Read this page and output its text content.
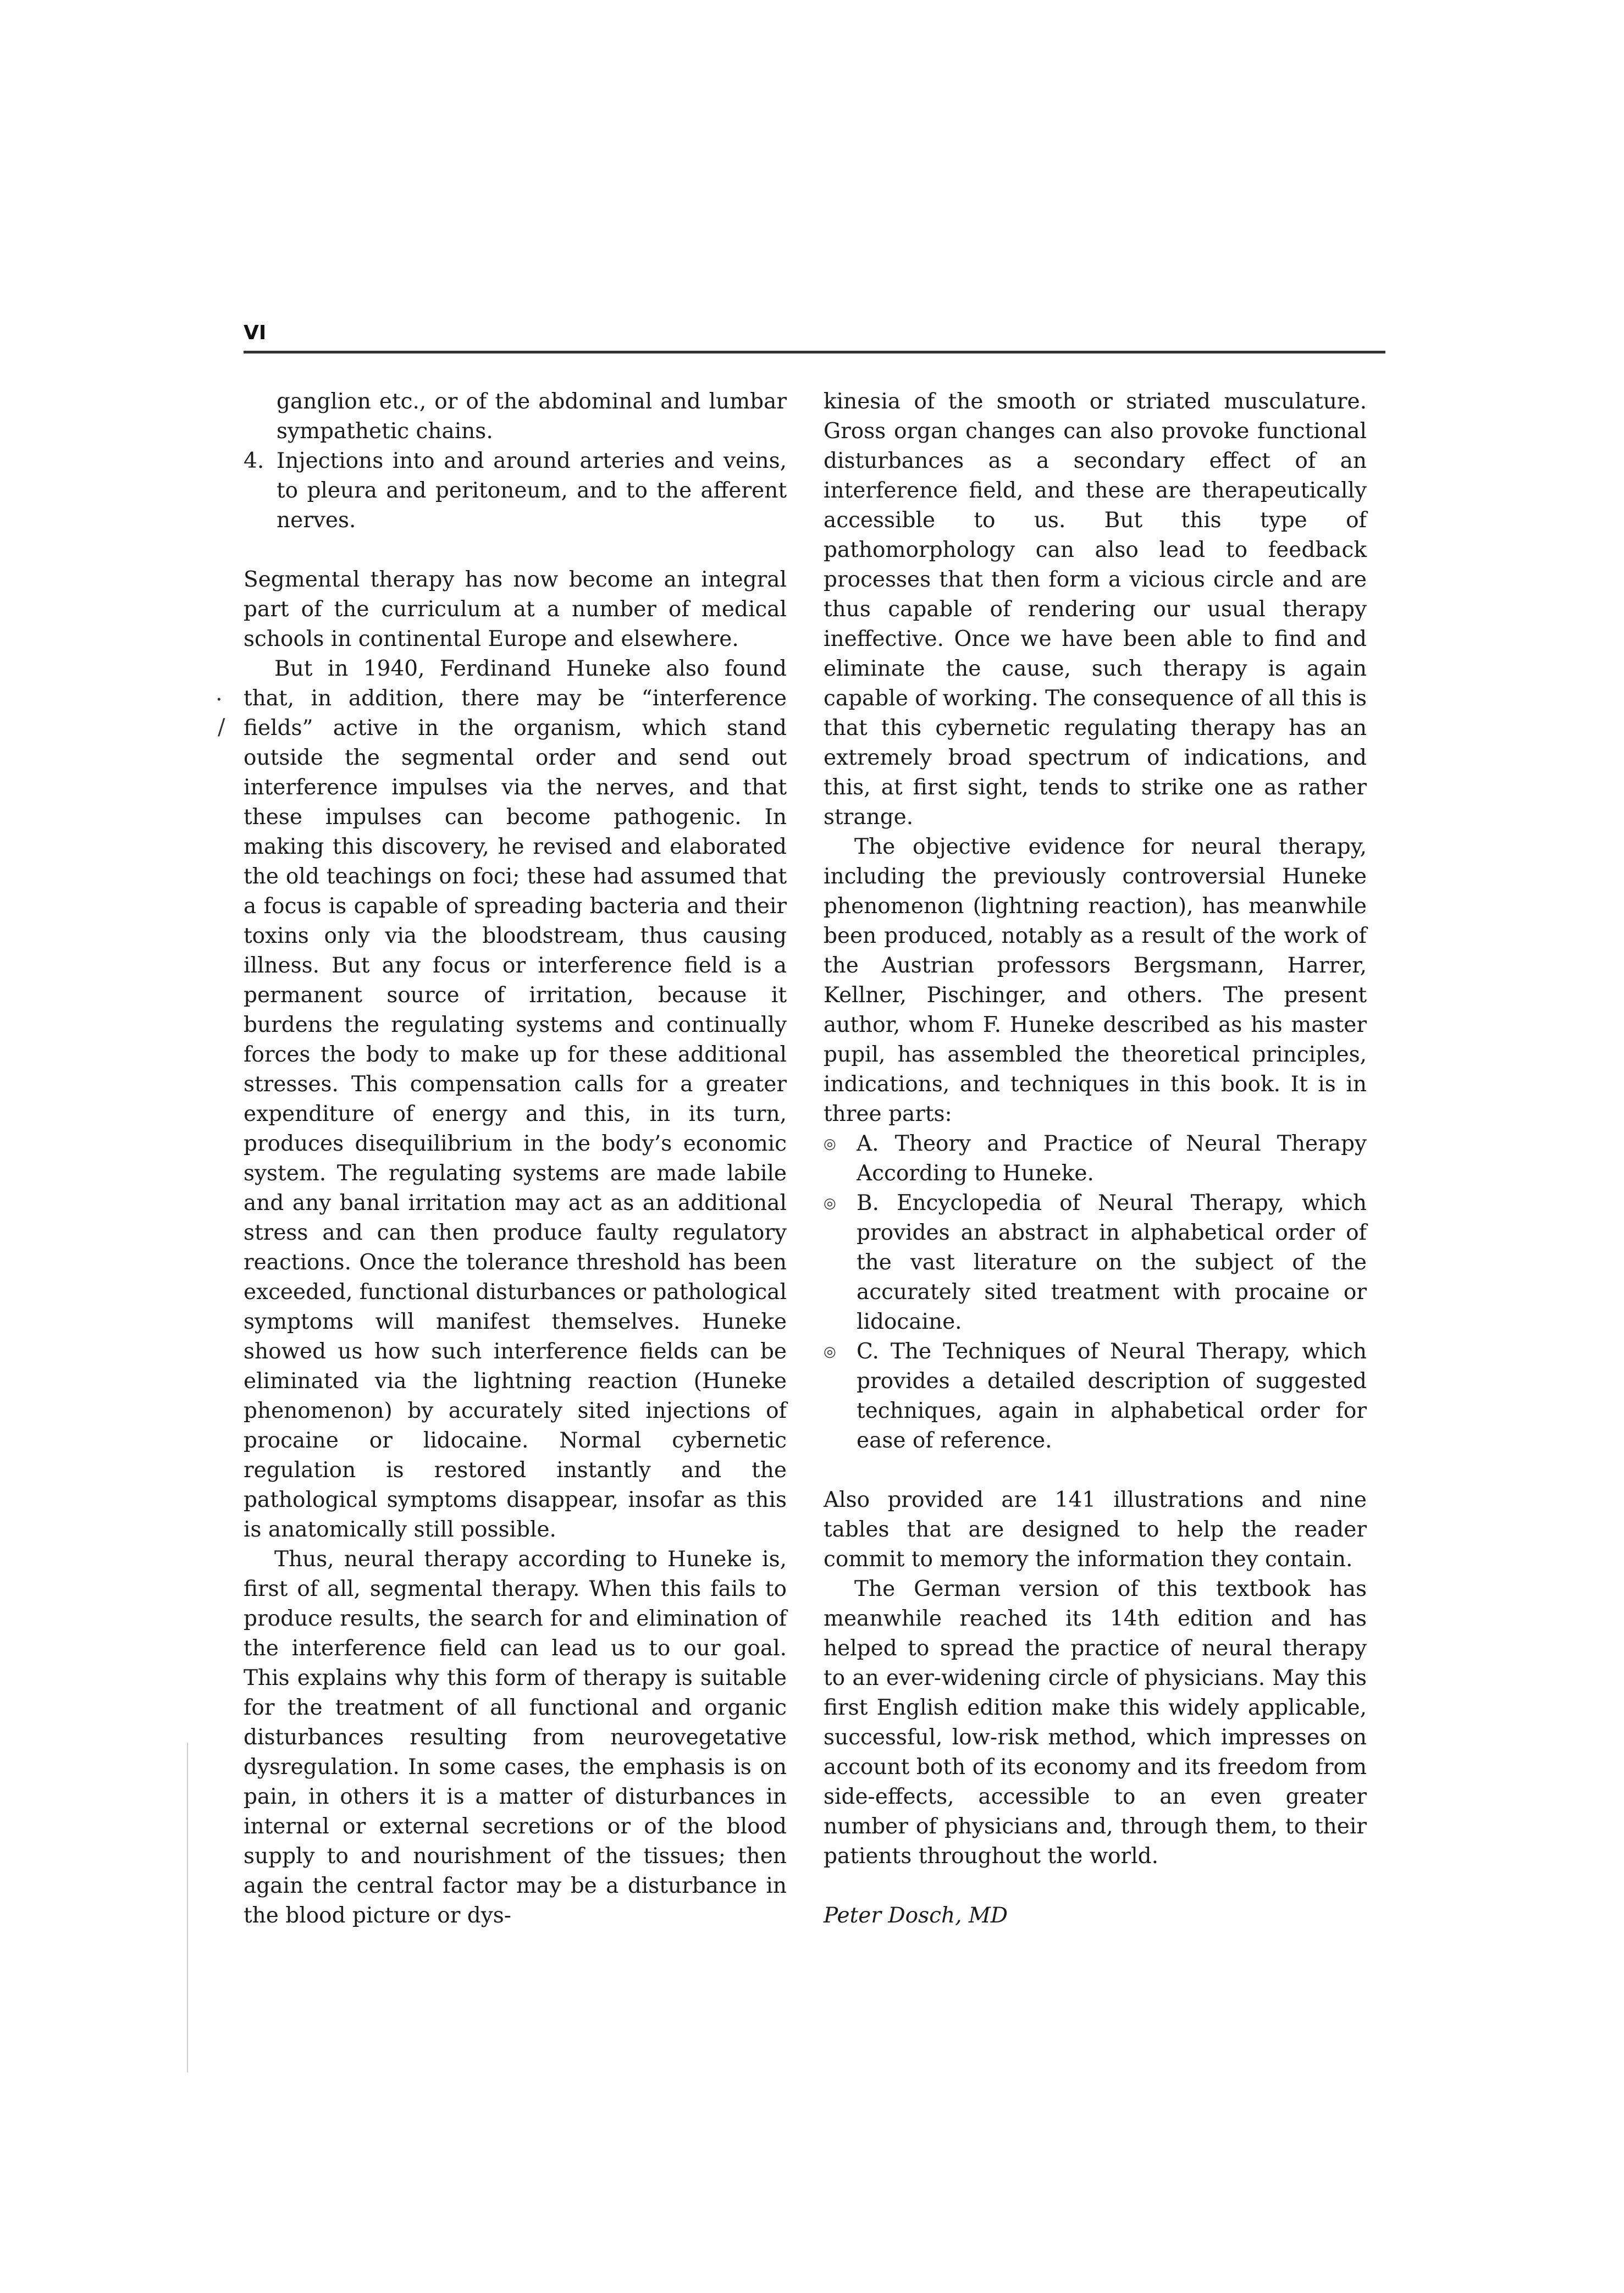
VI
·
/
ganglion etc., or of the abdominal and lumbar sympathetic chains.
4. Injections into and around arteries and veins, to pleura and peritoneum, and to the afferent nerves.

Segmental therapy has now become an integral part of the curriculum at a number of medical schools in continental Europe and elsewhere.

But in 1940, Ferdinand Huneke also found that, in addition, there may be “interference fields” active in the organism, which stand outside the segmental order and send out interference impulses via the nerves, and that these impulses can become pathogenic. In making this discovery, he revised and elaborated the old teachings on foci; these had assumed that a focus is capable of spreading bacteria and their toxins only via the bloodstream, thus causing illness. But any focus or interference field is a permanent source of irritation, because it burdens the regulating systems and continually forces the body to make up for these additional stresses. This compensation calls for a greater expenditure of energy and this, in its turn, produces disequilibrium in the body’s economic system. The regulating systems are made labile and any banal irritation may act as an additional stress and can then produce faulty regulatory reactions. Once the tolerance threshold has been exceeded, functional disturbances or pathological symptoms will manifest themselves. Huneke showed us how such interference fields can be eliminated via the lightning reaction (Huneke phenomenon) by accurately sited injections of procaine or lidocaine. Normal cybernetic regulation is restored instantly and the pathological symptoms disappear, insofar as this is anatomically still possible.

Thus, neural therapy according to Huneke is, first of all, segmental therapy. When this fails to produce results, the search for and elimination of the interference field can lead us to our goal. This explains why this form of therapy is suitable for the treatment of all functional and organic disturbances resulting from neurovegetative dysregulation. In some cases, the emphasis is on pain, in others it is a matter of disturbances in internal or external secretions or of the blood supply to and nourishment of the tissues; then again the central factor may be a disturbance in the blood picture or dys-

kinesia of the smooth or striated musculature. Gross organ changes can also provoke functional disturbances as a secondary effect of an interference field, and these are therapeutically accessible to us. But this type of pathomorphology can also lead to feedback processes that then form a vicious circle and are thus capable of rendering our usual therapy ineffective. Once we have been able to find and eliminate the cause, such therapy is again capable of working. The consequence of all this is that this cybernetic regulating therapy has an extremely broad spectrum of indications, and this, at first sight, tends to strike one as rather strange.

The objective evidence for neural therapy, including the previously controversial Huneke phenomenon (lightning reaction), has meanwhile been produced, notably as a result of the work of the Austrian professors Bergsmann, Harrer, Kellner, Pischinger, and others. The present author, whom F. Huneke described as his master pupil, has assembled the theoretical principles, indications, and techniques in this book. It is in three parts:

◎ A. Theory and Practice of Neural Therapy According to Huneke.
◎ B. Encyclopedia of Neural Therapy, which provides an abstract in alphabetical order of the vast literature on the subject of the accurately sited treatment with procaine or lidocaine.
◎ C. The Techniques of Neural Therapy, which provides a detailed description of suggested techniques, again in alphabetical order for ease of reference.

Also provided are 141 illustrations and nine tables that are designed to help the reader commit to memory the information they contain.

The German version of this textbook has meanwhile reached its 14th edition and has helped to spread the practice of neural therapy to an ever-widening circle of physicians. May this first English edition make this widely applicable, successful, low-risk method, which impresses on account both of its economy and its freedom from side-effects, accessible to an even greater number of physicians and, through them, to their patients throughout the world.

Peter Dosch, MD
